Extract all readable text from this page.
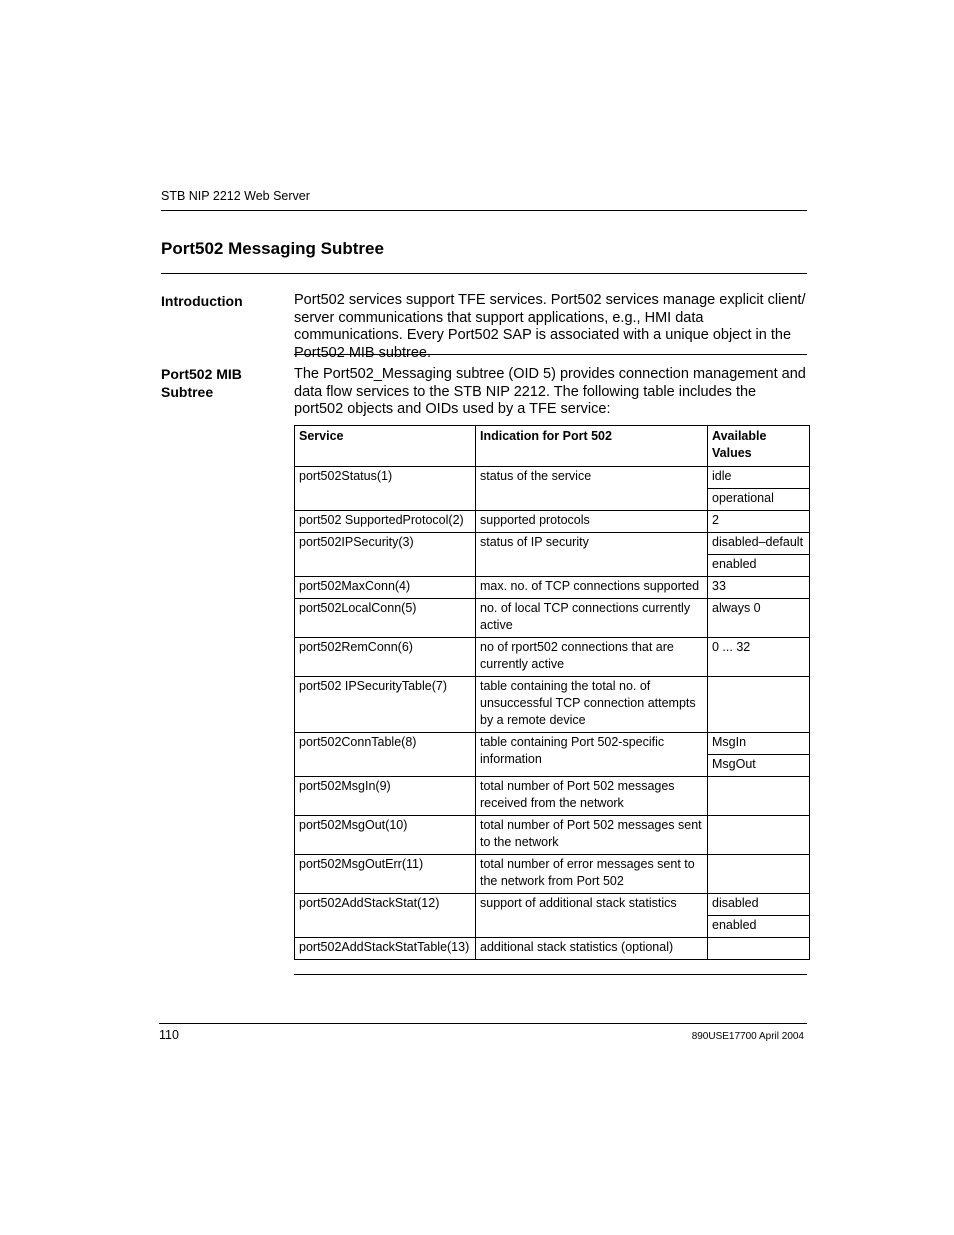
STB NIP 2212 Web Server
Port502 Messaging Subtree
Introduction	Port502 services support TFE services. Port502 services manage explicit client/ server communications that support applications, e.g., HMI data communications. Every Port502 SAP is associated with a unique object in the Port502 MIB subtree.

Port502 MIB
Subtree

The Port502_Messaging subtree (OID 5) provides connection management and data flow services to the STB NIP 2212. The following table includes the port502 objects and OIDs used by a TFE service:

Service	Indication for Port 502	Available Values
port502Status(1)	status of the service	idle
		operational
port502 SupportedProtocol(2)	supported protocols	2
port502IPSecurity(3)	status of IP security	disabled–default
		enabled
port502MaxConn(4)	max. no. of TCP connections supported	33
port502LocalConn(5)	no. of local TCP connections currently active	always 0
port502RemConn(6)	no of rport502 connections that are currently active	0 ... 32
port502 IPSecurityTable(7)	table containing the total no. of unsuccessful TCP connection attempts by a remote device	
port502ConnTable(8)	table containing Port 502-specific information	MsgIn
		MsgOut
port502MsgIn(9)	total number of Port 502 messages received from the network	
port502MsgOut(10)	total number of Port 502 messages sent to the network	
port502MsgOutErr(11)	total number of error messages sent to the network from Port 502	
port502AddStackStat(12)	support of additional stack statistics	disabled
		enabled
port502AddStackStatTable(13)	additional stack statistics (optional)	
110	890USE17700 April 2004
